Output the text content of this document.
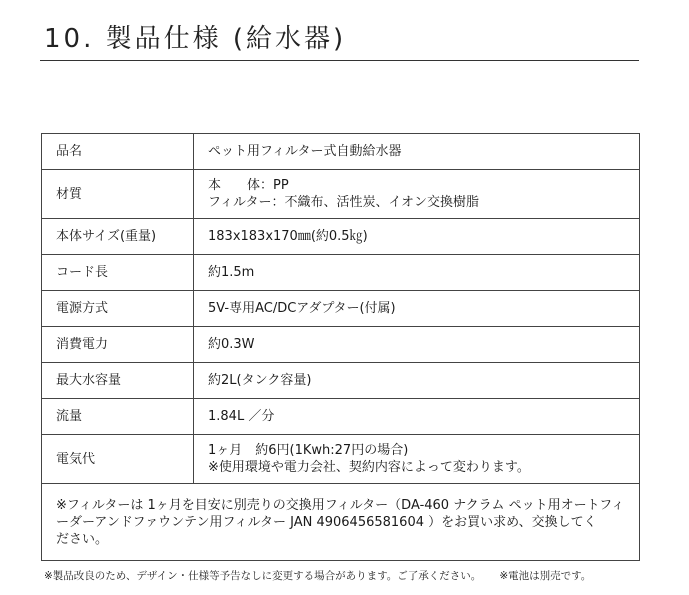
10. 製品仕様 (給水器)
品名	ペット用フィルター式自動給水器

材質	本　　体：PP
フィルター：不織布、活性炭、イオン交換樹脂

本体サイズ(重量)	183x183x170㎜(約0.5㎏)

コード長	約1.5m

電源方式	5V-専用AC/DCアダプター(付属)

消費電力	約0.3W

最大水容量	約2L(タンク容量)

流量	1.84L ／分

電気代	1ヶ月　約6円(1Kwh:27円の場合)
※使用環境や電力会社、契約内容によって変わります。

※フィルターは 1ヶ月を目安に別売りの交換用フィルター（DA-460 ナクラム ペット用オートフィ
ーダーアンドファウンテン用フィルター JAN 4906456581604 ）をお買い求め、交換してく
ださい。	
※製品改良のため、デザイン・仕様等予告なしに変更する場合があります。ご了承ください。 ※電池は別売です。
